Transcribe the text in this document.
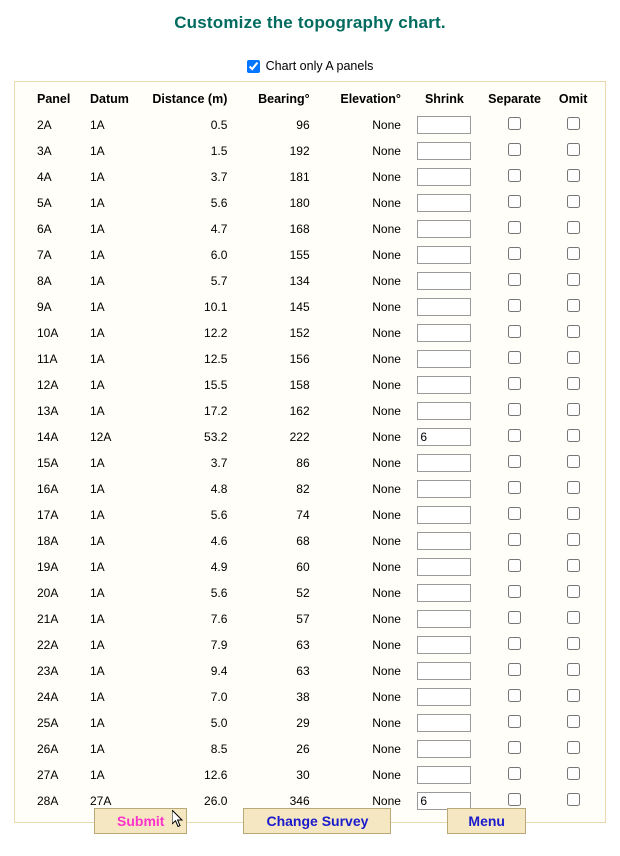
Customize the topography chart.
Chart only A panels
Panel	Datum	Distance (m)	Bearing°	Elevation°	Shrink	Separate	Omit
2A	1A	0.5	96	None			
3A	1A	1.5	192	None			
4A	1A	3.7	181	None			
5A	1A	5.6	180	None			
6A	1A	4.7	168	None			
7A	1A	6.0	155	None			
8A	1A	5.7	134	None			
9A	1A	10.1	145	None			
10A	1A	12.2	152	None			
11A	1A	12.5	156	None			
12A	1A	15.5	158	None			
13A	1A	17.2	162	None			
14A	12A	53.2	222	None	6		
15A	1A	3.7	86	None			
16A	1A	4.8	82	None			
17A	1A	5.6	74	None			
18A	1A	4.6	68	None			
19A	1A	4.9	60	None			
20A	1A	5.6	52	None			
21A	1A	7.6	57	None			
22A	1A	7.9	63	None			
23A	1A	9.4	63	None			
24A	1A	7.0	38	None			
25A	1A	5.0	29	None			
26A	1A	8.5	26	None			
27A	1A	12.6	30	None			
28A	27A	26.0	346	None	6		
Submit	Change Survey	Menu
